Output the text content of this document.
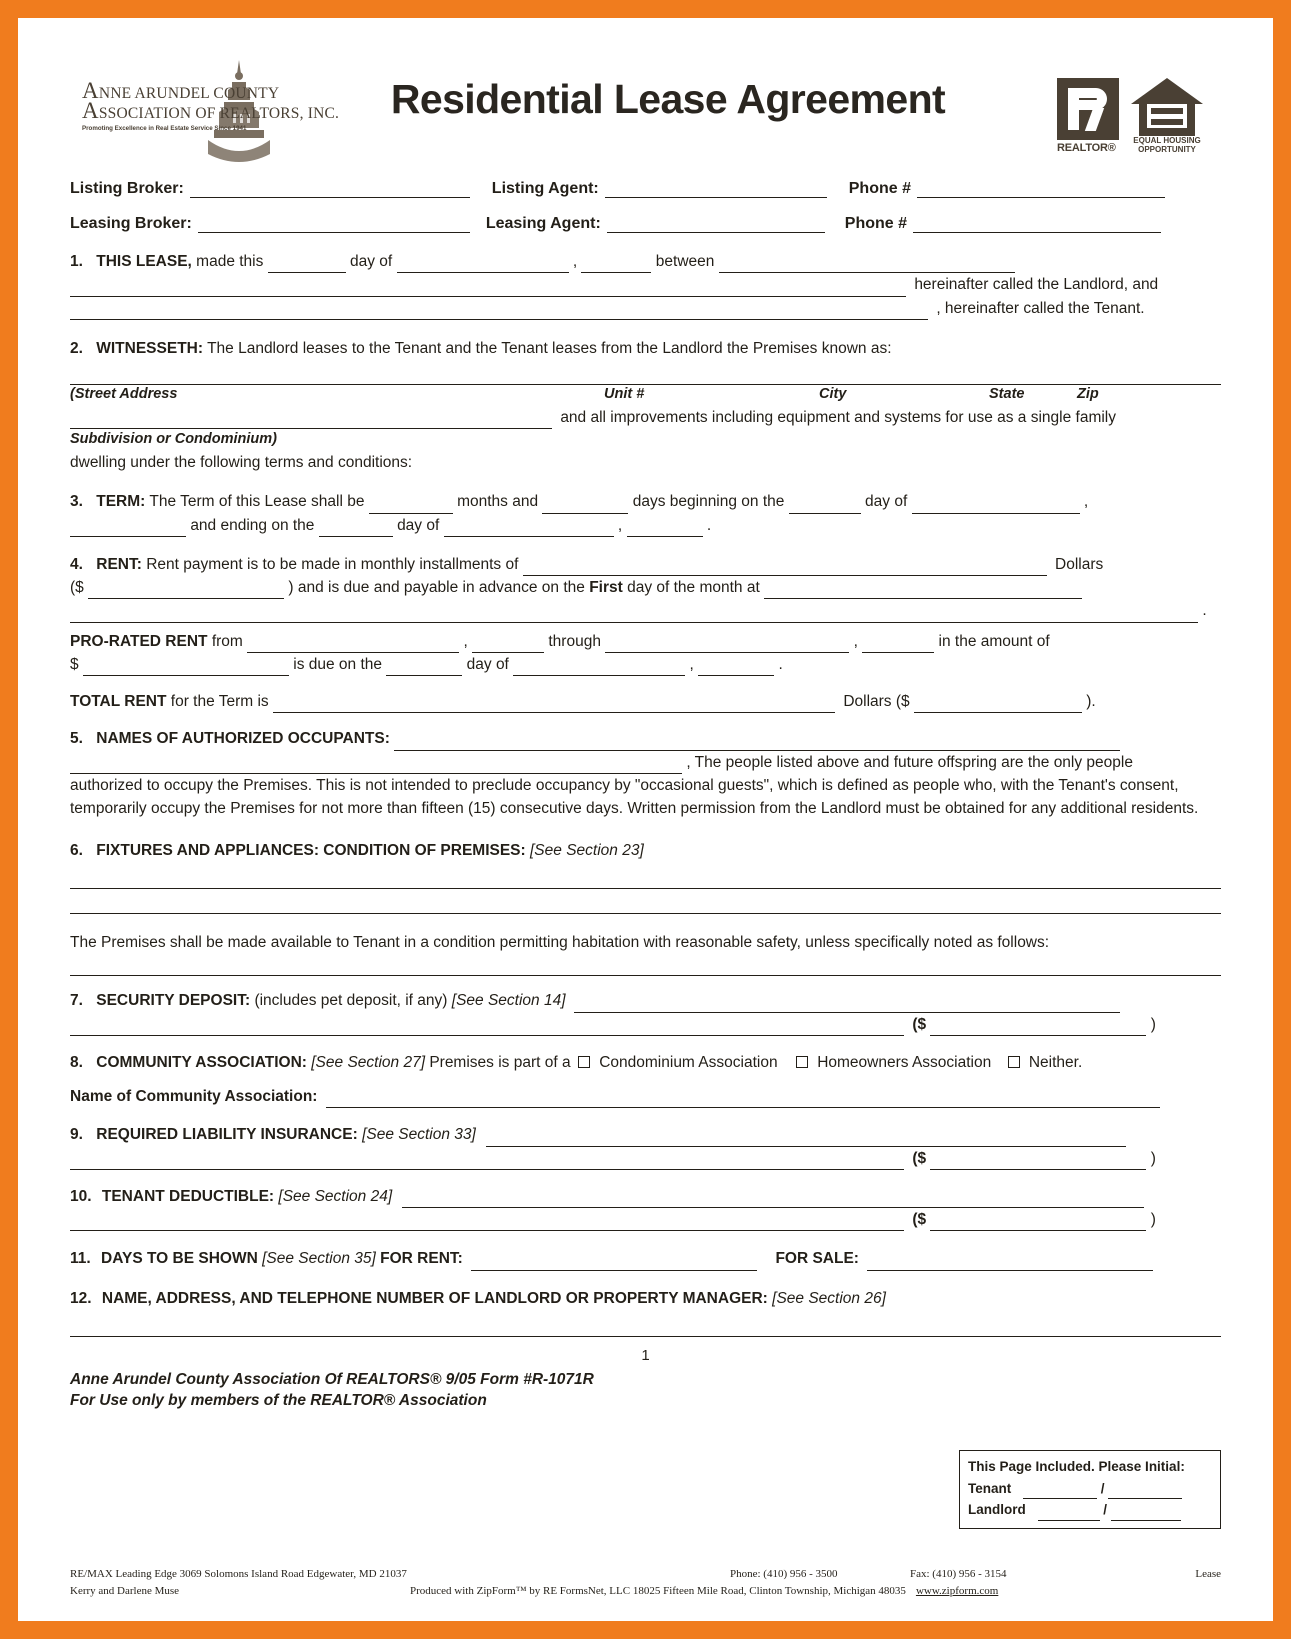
ANNE ARUNDEL COUNTY
ASSOCIATION OF REALTORS, INC.
Promoting Excellence in Real Estate Service Since 1941
Residential Lease Agreement
REALTOR®
EQUAL HOUSING
OPPORTUNITY
Listing Broker:	Listing Agent:	Phone #
Leasing Broker:	Leasing Agent:	Phone #
1. THIS LEASE, made this	day of	,	between
hereinafter called the Landlord, and
, hereinafter called the Tenant.
2. WITNESSETH: The Landlord leases to the Tenant and the Tenant leases from the Landlord the Premises known as:
(Street Address	Unit #	City	State	Zip
and all improvements including equipment and systems for use as a single family
Subdivision or Condominium)
dwelling under the following terms and conditions:
3. TERM: The Term of this Lease shall be	months and	days beginning on the	day of	,
and ending on the	day of	,	.
4. RENT: Rent payment is to be made in monthly installments of	Dollars
($	) and is due and payable in advance on the First day of the month at
.
PRO-RATED RENT from	,	through	,	in the amount of
$	is due on the	day of	,	.
TOTAL RENT for the Term is	Dollars ($	).
5. NAMES OF AUTHORIZED OCCUPANTS:
, The people listed above and future offspring are the only people
authorized to occupy the Premises. This is not intended to preclude occupancy by "occasional guests", which is defined as people who, with the Tenant's consent, temporarily occupy the Premises for not more than fifteen (15) consecutive days. Written permission from the Landlord must be obtained for any additional residents.
6. FIXTURES AND APPLIANCES: CONDITION OF PREMISES: [See Section 23]
The Premises shall be made available to Tenant in a condition permitting habitation with reasonable safety, unless specifically noted as follows:
7. SECURITY DEPOSIT: (includes pet deposit, if any) [See Section 14]
($	)
8. COMMUNITY ASSOCIATION: [See Section 27] Premises is part of a Condominium Association	Homeowners Association Neither.
Name of Community Association:
9. REQUIRED LIABILITY INSURANCE: [See Section 33]
($	)
10. TENANT DEDUCTIBLE: [See Section 24]
($	)
11. DAYS TO BE SHOWN [See Section 35] FOR RENT:	FOR SALE:
12. NAME, ADDRESS, AND TELEPHONE NUMBER OF LANDLORD OR PROPERTY MANAGER: [See Section 26]
1
Anne Arundel County Association Of REALTORS® 9/05 Form #R-1071R
For Use only by members of the REALTOR® Association
This Page Included. Please Initial:
Tenant	/
Landlord	/
RE/MAX Leading Edge 3069 Solomons Island Road Edgewater, MD 21037	Phone: (410) 956 - 3500	Fax: (410) 956 - 3154	Lease
Kerry and Darlene Muse	Produced with ZipForm™ by RE FormsNet, LLC 18025 Fifteen Mile Road, Clinton Township, Michigan 48035 www.zipform.com
